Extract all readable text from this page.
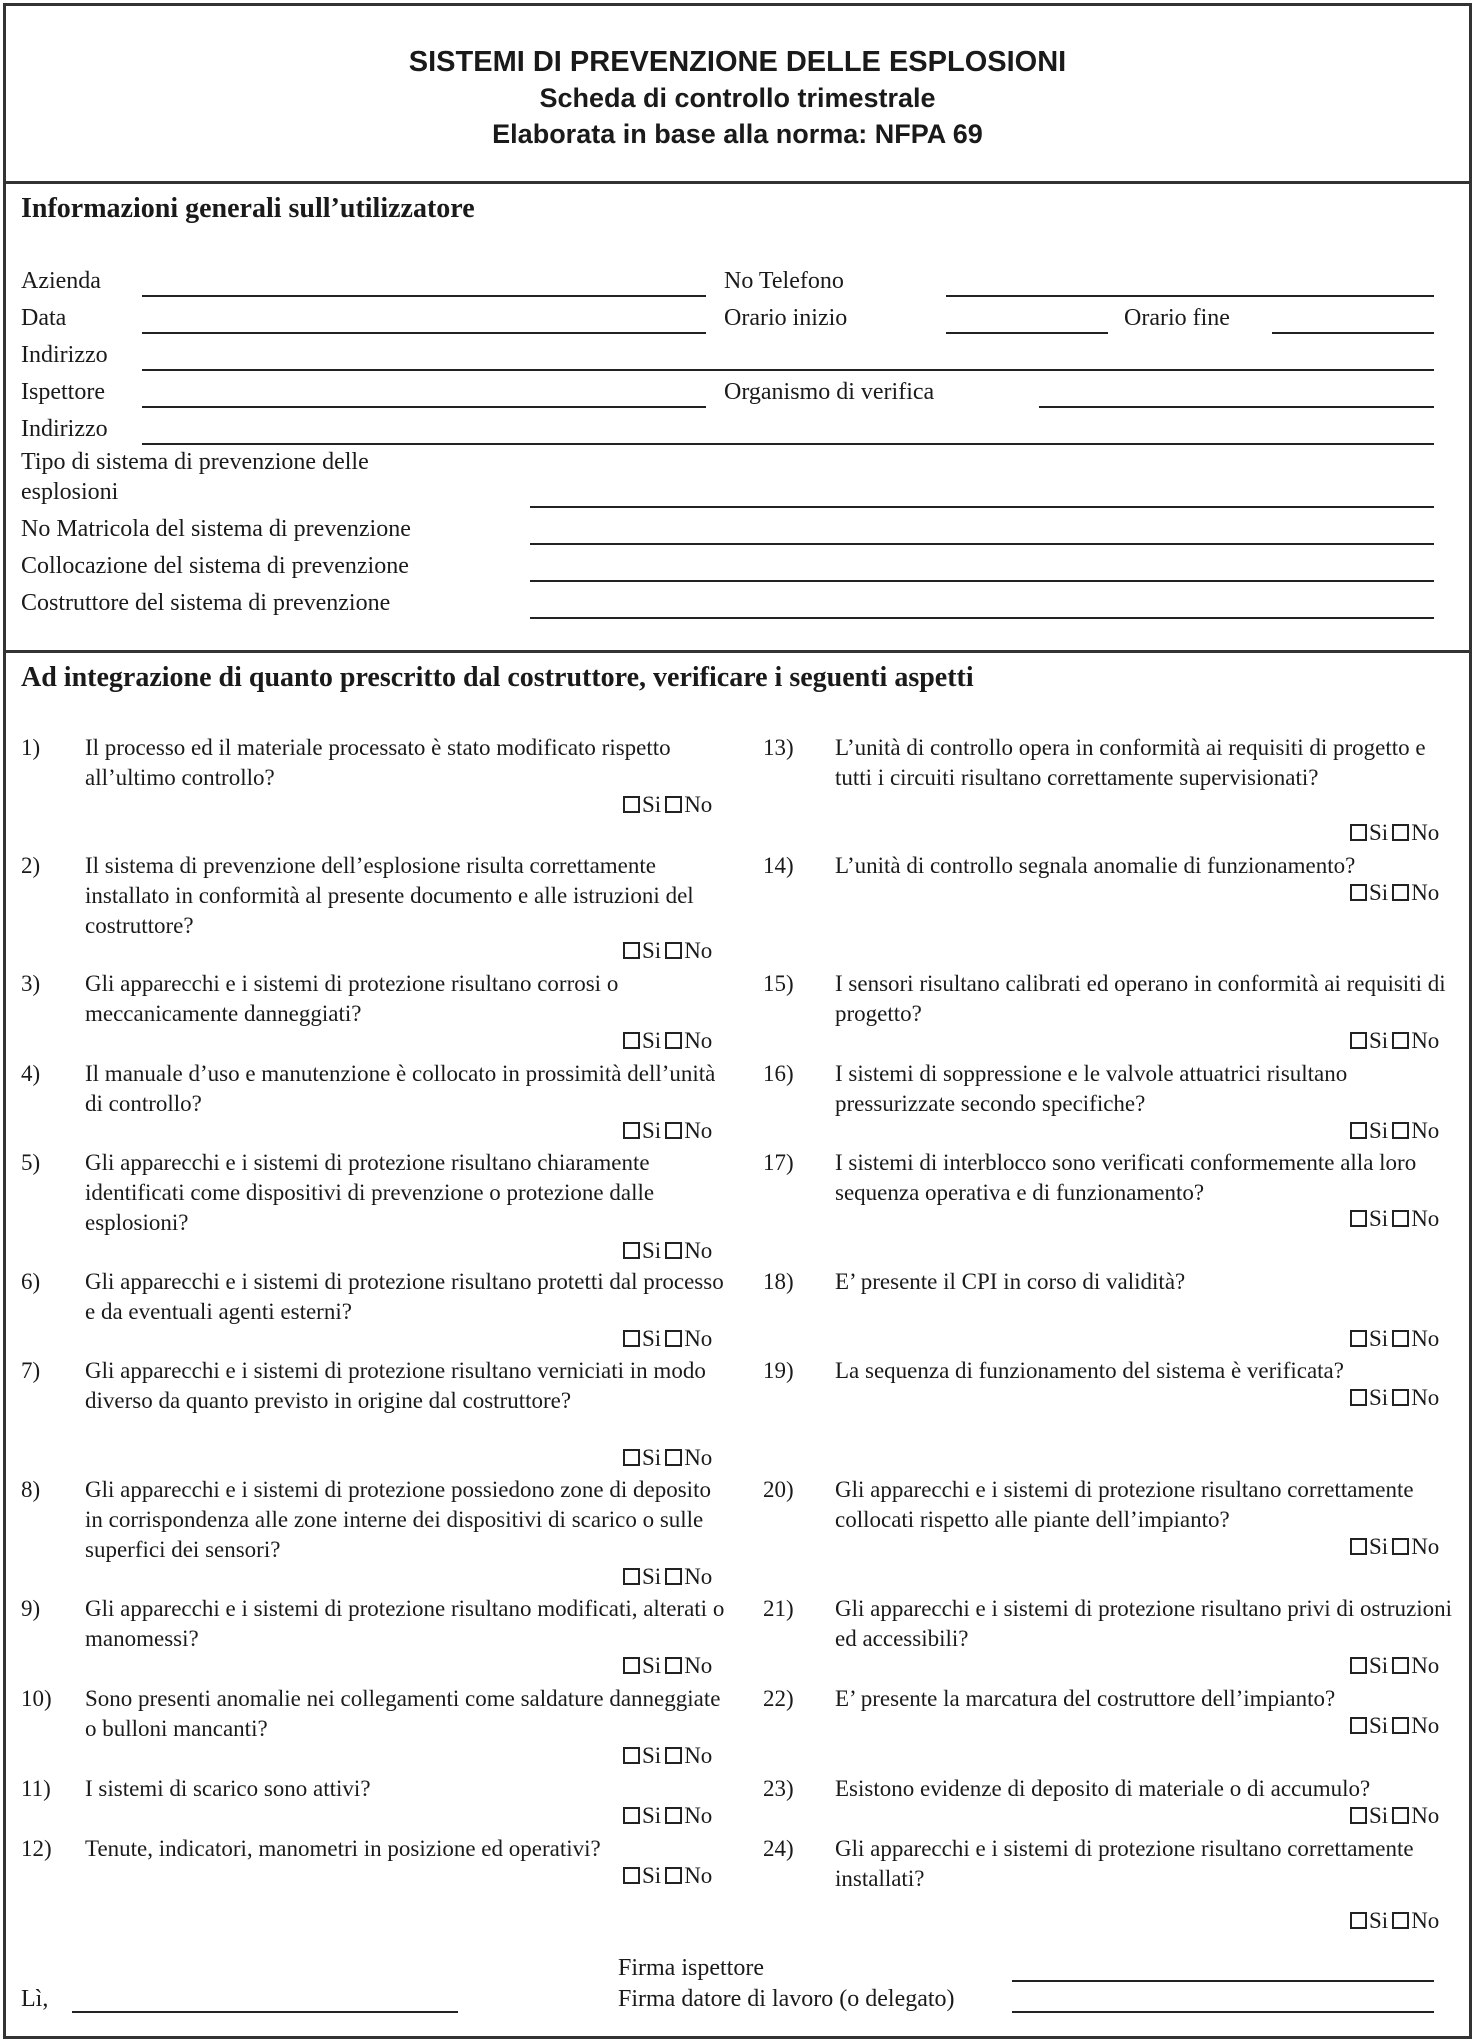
SISTEMI DI PREVENZIONE DELLE ESPLOSIONI
Scheda di controllo trimestrale
Elaborata in base alla norma: NFPA 69
Informazioni generali sull’utilizzatore
Azienda	No Telefono
Data	Orario inizio	Orario fine
Indirizzo
Ispettore	Organismo di verifica
Indirizzo
Tipo di sistema di prevenzione delle
esplosioni
No Matricola del sistema di prevenzione
Collocazione del sistema di prevenzione
Costruttore del sistema di prevenzione
Ad integrazione di quanto prescritto dal costruttore, verificare i seguenti aspetti
1) Il processo ed il materiale processato è stato modificato rispetto all’ultimo controllo?
Si No
2) Il sistema di prevenzione dell’esplosione risulta correttamente installato in conformità al presente documento e alle istruzioni del costruttore?
Si No
3) Gli apparecchi e i sistemi di protezione risultano corrosi o meccanicamente danneggiati?
Si No
4) Il manuale d’uso e manutenzione è collocato in prossimità dell’unità di controllo?
Si No
5) Gli apparecchi e i sistemi di protezione risultano chiaramente identificati come dispositivi di prevenzione o protezione dalle esplosioni?
Si No
6) Gli apparecchi e i sistemi di protezione risultano protetti dal processo e da eventuali agenti esterni?
Si No
7) Gli apparecchi e i sistemi di protezione risultano verniciati in modo diverso da quanto previsto in origine dal costruttore?
Si No
8) Gli apparecchi e i sistemi di protezione possiedono zone di deposito in corrispondenza alle zone interne dei dispositivi di scarico o sulle superfici dei sensori?
Si No
9) Gli apparecchi e i sistemi di protezione risultano modificati, alterati o manomessi?
Si No
10) Sono presenti anomalie nei collegamenti come saldature danneggiate o bulloni mancanti?
Si No
11) I sistemi di scarico sono attivi?
Si No
12) Tenute, indicatori, manometri in posizione ed operativi?
Si No
13) L’unità di controllo opera in conformità ai requisiti di progetto e tutti i circuiti risultano correttamente supervisionati?
Si No
14) L’unità di controllo segnala anomalie di funzionamento?
Si No
15) I sensori risultano calibrati ed operano in conformità ai requisiti di progetto?
Si No
16) I sistemi di soppressione e le valvole attuatrici risultano pressurizzate secondo specifiche?
Si No
17) I sistemi di interblocco sono verificati conformemente alla loro sequenza operativa e di funzionamento?
Si No
18) E’ presente il CPI in corso di validità?
Si No
19) La sequenza di funzionamento del sistema è verificata?
Si No
20) Gli apparecchi e i sistemi di protezione risultano correttamente collocati rispetto alle piante dell’impianto?
Si No
21) Gli apparecchi e i sistemi di protezione risultano privi di ostruzioni ed accessibili?
Si No
22) E’ presente la marcatura del costruttore dell’impianto?
Si No
23) Esistono evidenze di deposito di materiale o di accumulo?
Si No
24) Gli apparecchi e i sistemi di protezione risultano correttamente installati?
Si No
Firma ispettore
Lì,	Firma datore di lavoro (o delegato)
